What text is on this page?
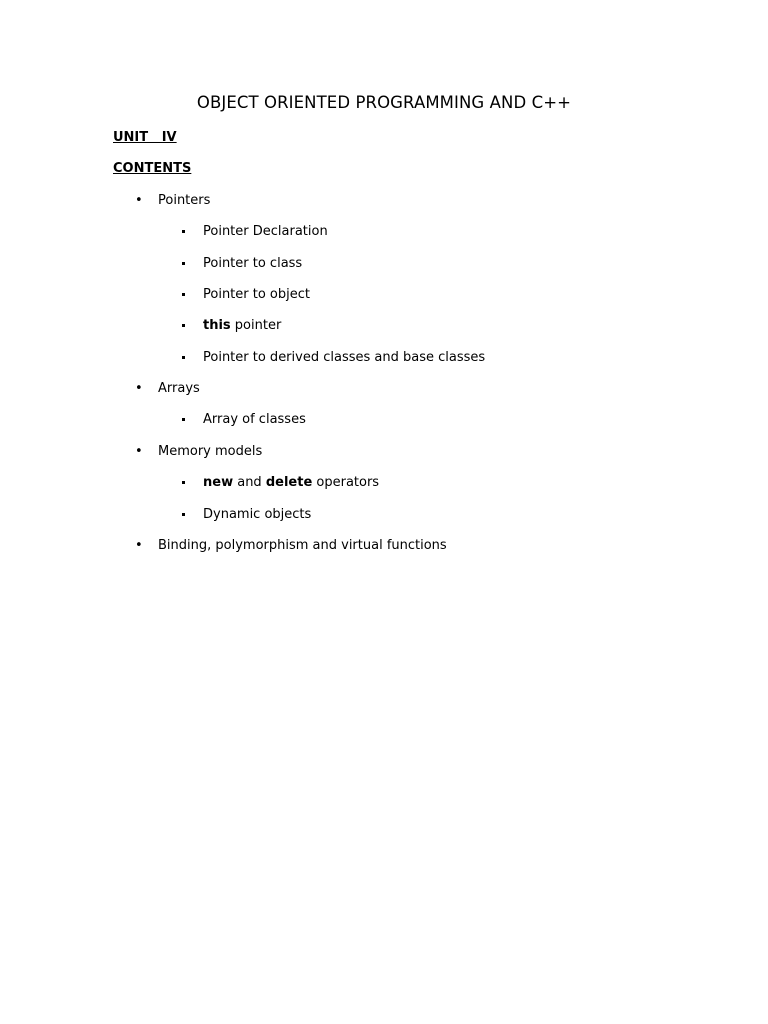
OBJECT ORIENTED PROGRAMMING AND C++
UNIT   IV
CONTENTS
• Pointers
Pointer Declaration
Pointer to class
Pointer to object
this pointer
Pointer to derived classes and base classes
• Arrays
Array of classes
• Memory models
new and delete operators
Dynamic objects
• Binding, polymorphism and virtual functions
